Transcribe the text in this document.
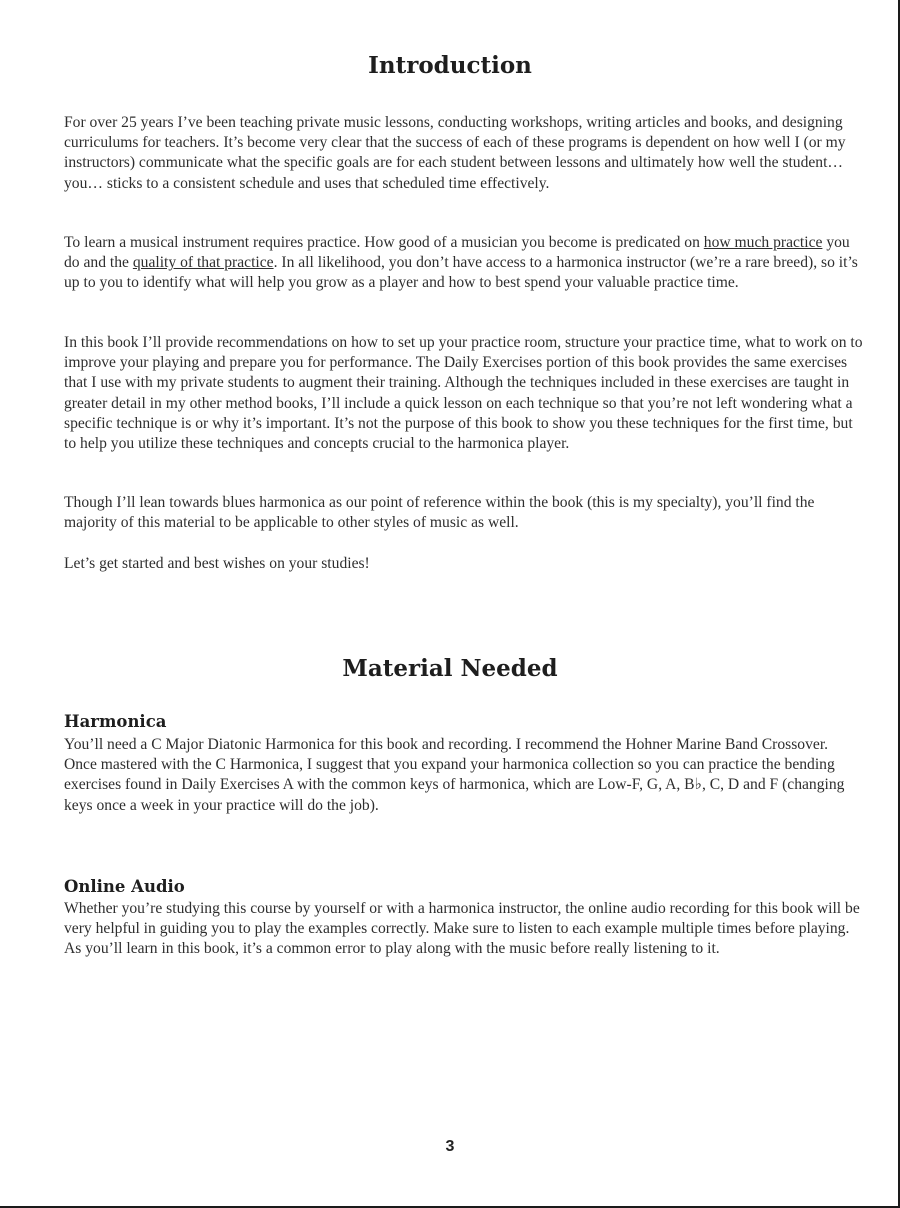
Introduction

For over 25 years I’ve been teaching private music lessons, conducting workshops, writing articles and books, and designing curriculums for teachers. It’s become very clear that the success of each of these programs is dependent on how well I (or my instructors) communicate what the specific goals are for each student between lessons and ultimately how well the student… you… sticks to a consistent schedule and uses that scheduled time effectively.

To learn a musical instrument requires practice. How good of a musician you become is predicated on how much practice you do and the quality of that practice. In all likelihood, you don’t have access to a harmonica instructor (we’re a rare breed), so it’s up to you to identify what will help you grow as a player and how to best spend your valuable practice time.

In this book I’ll provide recommendations on how to set up your practice room, structure your practice time, what to work on to improve your playing and prepare you for performance. The Daily Exercises portion of this book provides the same exercises that I use with my private students to augment their training. Although the techniques included in these exercises are taught in greater detail in my other method books, I’ll include a quick lesson on each technique so that you’re not left wondering what a specific technique is or why it’s important. It’s not the purpose of this book to show you these techniques for the first time, but to help you utilize these techniques and concepts crucial to the harmonica player.

Though I’ll lean towards blues harmonica as our point of reference within the book (this is my specialty), you’ll find the majority of this material to be applicable to other styles of music as well.

Let’s get started and best wishes on your studies!

Material Needed
Harmonica

You’ll need a C Major Diatonic Harmonica for this book and recording. I recommend the Hohner Marine Band Crossover. Once mastered with the C Harmonica, I suggest that you expand your harmonica collection so you can practice the bending exercises found in Daily Exercises A with the common keys of harmonica, which are Low-F, G, A, B♭, C, D and F (changing keys once a week in your practice will do the job).

Online Audio

Whether you’re studying this course by yourself or with a harmonica instructor, the online audio recording for this book will be very helpful in guiding you to play the examples correctly. Make sure to listen to each example multiple times before playing. As you’ll learn in this book, it’s a common error to play along with the music before really listening to it.

3
